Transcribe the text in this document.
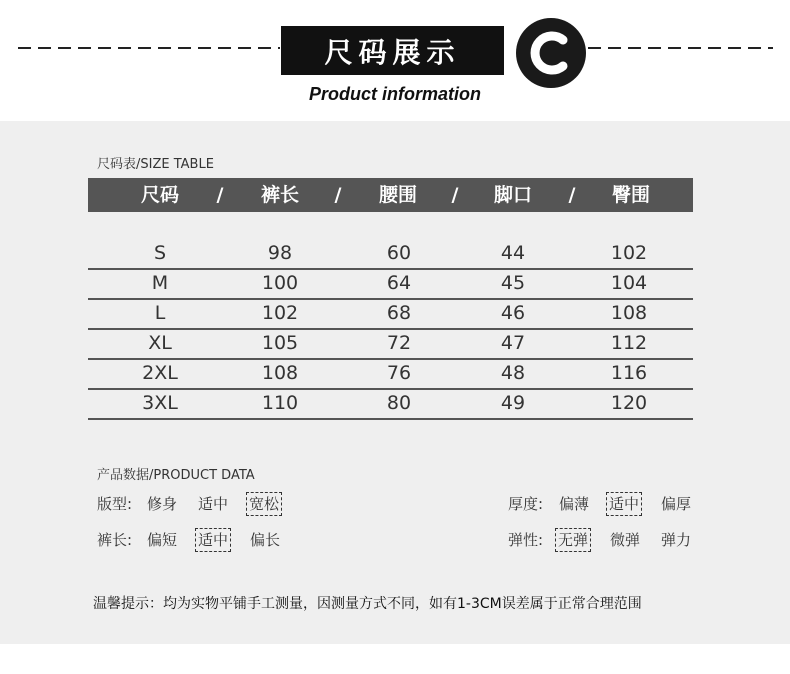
尺码展示
Product information
尺码表/SIZE TABLE
尺码 / 裤长 / 腰围 / 脚口 / 臀围
S	98	60	44	102
M	100	64	45	104
L	102	68	46	108
XL	105	72	47	112
2XL	108	76	48	116
3XL	110	80	49	120
产品数据/PRODUCT DATA
版型: 修身 适中 宽松
裤长: 偏短 适中 偏长
厚度: 偏薄 适中 偏厚
弹性: 无弹 微弹 弹力
温馨提示：均为实物平铺手工测量，因测量方式不同，如有1-3CM误差属于正常合理范围
